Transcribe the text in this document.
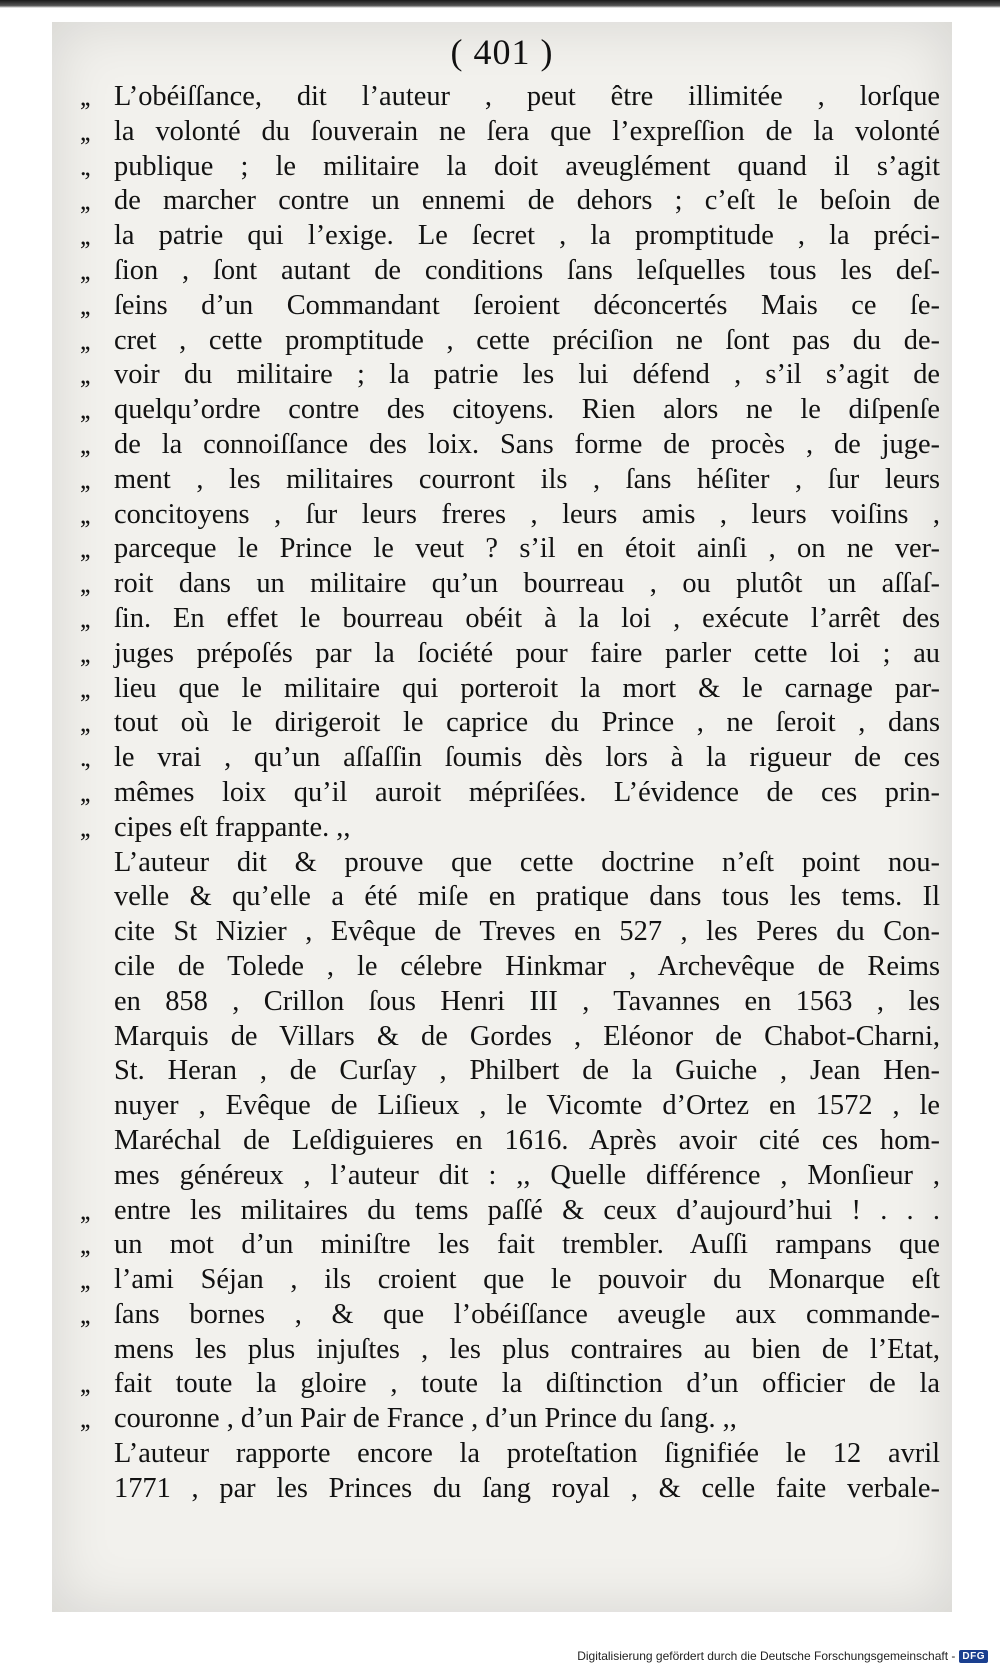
( 401 )
,, L’obéiſſance, dit l’auteur , peut être illimitée , lorſque
,, la volonté du ſouverain ne ſera que l’expreſſion de la volonté
., publique ; le militaire la doit aveuglément quand il s’agit
,, de marcher contre un ennemi de dehors ; c’eſt le beſoin de
,, la patrie qui l’exige. Le ſecret , la promptitude , la préci-
,, ſion , ſont autant de conditions ſans leſquelles tous les deſ-
,, ſeins d’un Commandant ſeroient déconcertés Mais ce ſe-
,, cret , cette promptitude , cette préciſion ne ſont pas du de-
,, voir du militaire ; la patrie les lui défend , s’il s’agit de
,, quelqu’ordre contre des citoyens. Rien alors ne le diſpenſe
,, de la connoiſſance des loix. Sans forme de procès , de juge-
,, ment , les militaires courront ils , ſans héſiter , ſur leurs
,, concitoyens , ſur leurs freres , leurs amis , leurs voiſins ,
,, parceque le Prince le veut ? s’il en étoit ainſi , on ne ver-
,, roit dans un militaire qu’un bourreau , ou plutôt un aſſaſ-
,, ſin. En effet le bourreau obéit à la loi , exécute l’arrêt des
,, juges prépoſés par la ſociété pour faire parler cette loi ; au
,, lieu que le militaire qui porteroit la mort & le carnage par-
,, tout où le dirigeroit le caprice du Prince , ne ſeroit , dans
., le vrai , qu’un aſſaſſin ſoumis dès lors à la rigueur de ces
,, mêmes loix qu’il auroit mépriſées. L’évidence de ces prin-
,, cipes eſt frappante. ,,
L’auteur dit & prouve que cette doctrine n’eſt point nou-
velle & qu’elle a été miſe en pratique dans tous les tems. Il
cite St Nizier , Evêque de Treves en 527 , les Peres du Con-
cile de Tolede , le célebre Hinkmar , Archevêque de Reims
en 858 , Crillon ſous Henri III , Tavannes en 1563 , les
Marquis de Villars & de Gordes , Eléonor de Chabot-Charni,
St. Heran , de Curſay , Philbert de la Guiche , Jean Hen-
nuyer , Evêque de Liſieux , le Vicomte d’Ortez en 1572 , le
Maréchal de Leſdiguieres en 1616. Après avoir cité ces hom-
mes généreux , l’auteur dit : ,, Quelle différence , Monſieur ,
,, entre les militaires du tems paſſé & ceux d’aujourd’hui ! . . .
,, un mot d’un miniſtre les fait trembler. Auſſi rampans que
,, l’ami Séjan , ils croient que le pouvoir du Monarque eſt
,, ſans bornes , & que l’obéiſſance aveugle aux commande-
mens les plus injuſtes , les plus contraires au bien de l’Etat,
,, fait toute la gloire , toute la diſtinction d’un officier de la
,, couronne , d’un Pair de France , d’un Prince du ſang. ,,
L’auteur rapporte encore la proteſtation ſignifiée le 12 avril
1771 , par les Princes du ſang royal , & celle faite verbale-
Digitalisierung gefördert durch die Deutsche Forschungsgemeinschaft - DFG
